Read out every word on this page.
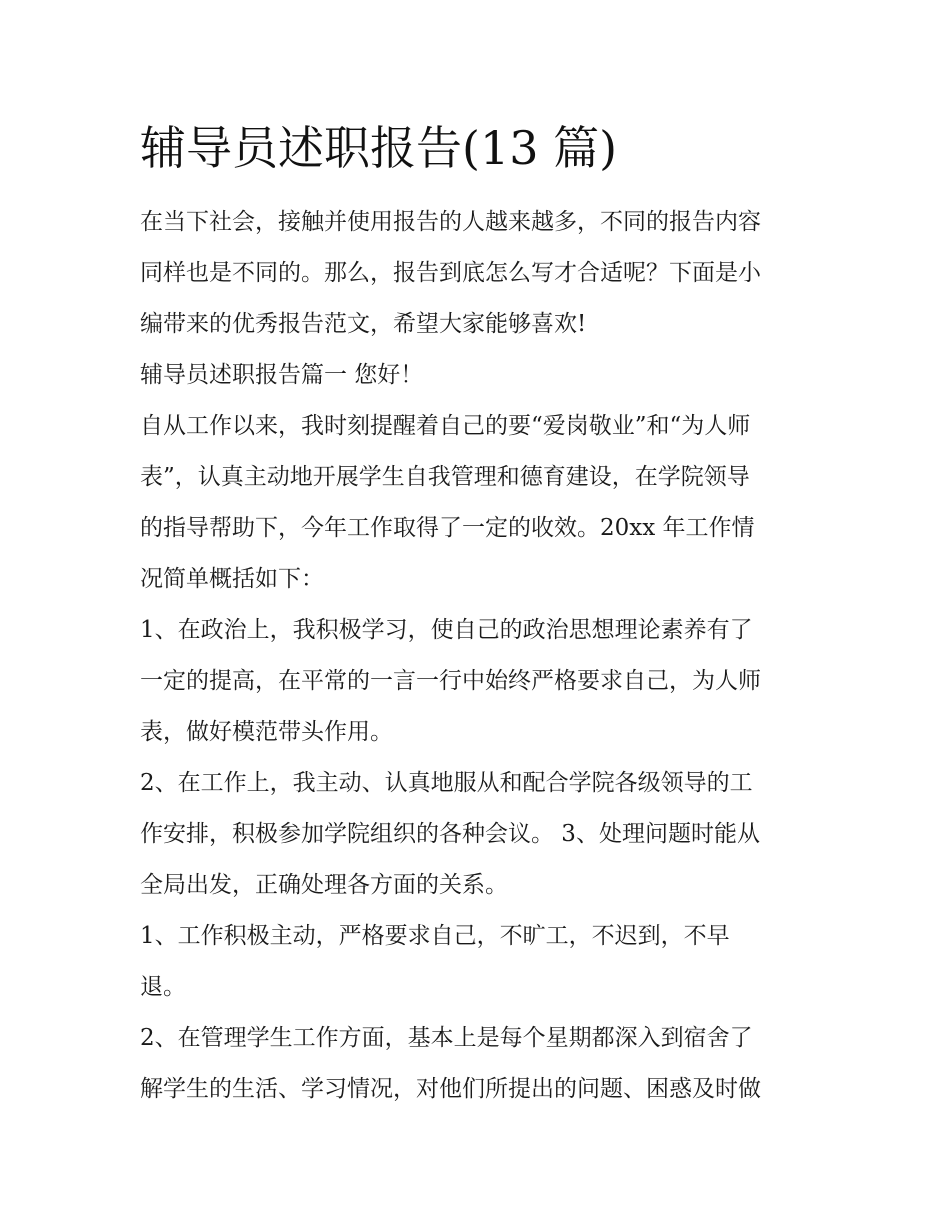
辅导员述职报告(13 篇)

在当下社会，接触并使用报告的人越来越多，不同的报告内容

同样也是不同的。那么，报告到底怎么写才合适呢？下面是小

编带来的优秀报告范文，希望大家能够喜欢!

辅导员述职报告篇一 您好！

自从工作以来，我时刻提醒着自己的要“爱岗敬业”和“为人师

表”，认真主动地开展学生自我管理和德育建设，在学院领导

的指导帮助下，今年工作取得了一定的收效。20xx 年工作情

况简单概括如下：

1、在政治上，我积极学习，使自己的政治思想理论素养有了

一定的提高，在平常的一言一行中始终严格要求自己，为人师

表，做好模范带头作用。

2、在工作上，我主动、认真地服从和配合学院各级领导的工

作安排，积极参加学院组织的各种会议。 3、处理问题时能从

全局出发，正确处理各方面的关系。

1、工作积极主动，严格要求自己，不旷工，不迟到，不早

退。

2、在管理学生工作方面，基本上是每个星期都深入到宿舍了

解学生的生活、学习情况，对他们所提出的问题、困惑及时做
